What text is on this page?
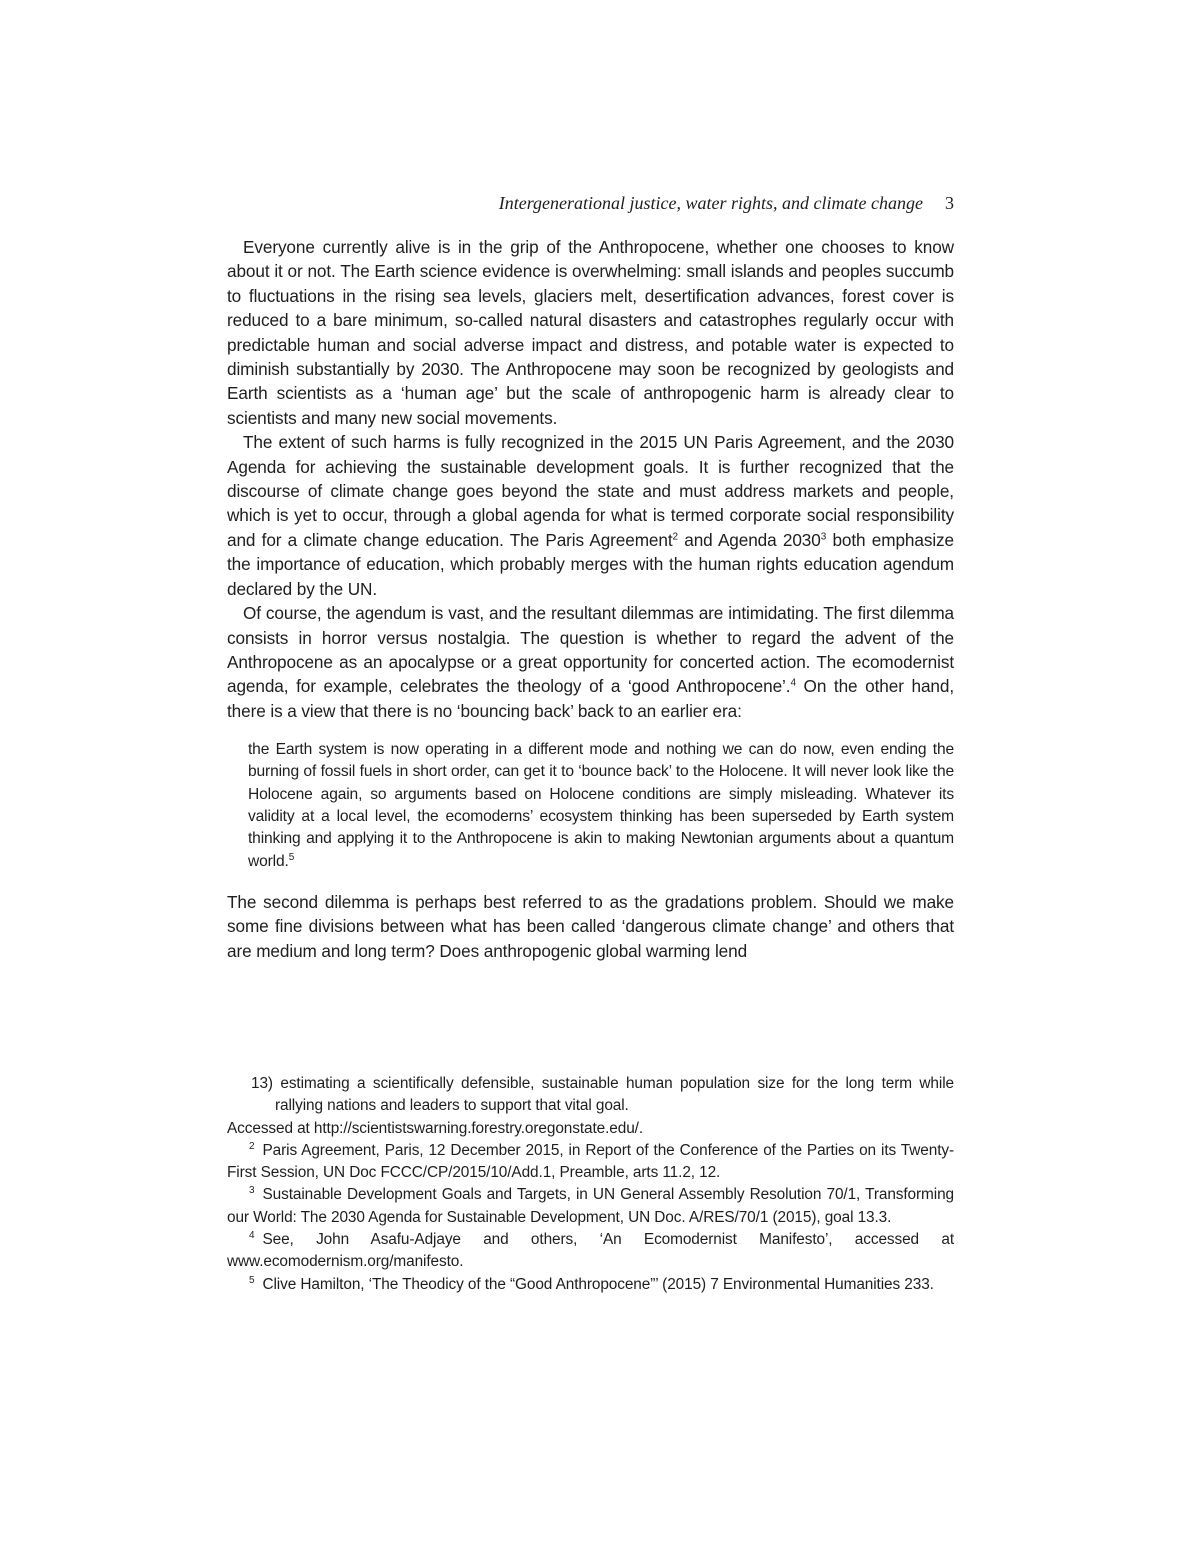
Intergenerational justice, water rights, and climate change 3

Everyone currently alive is in the grip of the Anthropocene, whether one chooses to know about it or not. The Earth science evidence is overwhelming: small islands and peoples succumb to fluctuations in the rising sea levels, glaciers melt, desertification advances, forest cover is reduced to a bare minimum, so-called natural disasters and catastrophes regularly occur with predictable human and social adverse impact and distress, and potable water is expected to diminish substantially by 2030. The Anthropocene may soon be recognized by geologists and Earth scientists as a ‘human age’ but the scale of anthropogenic harm is already clear to scientists and many new social movements.

The extent of such harms is fully recognized in the 2015 UN Paris Agreement, and the 2030 Agenda for achieving the sustainable development goals. It is further recognized that the discourse of climate change goes beyond the state and must address markets and people, which is yet to occur, through a global agenda for what is termed corporate social responsibility and for a climate change education. The Paris Agreement$^2$ and Agenda 2030$^3$ both emphasize the importance of education, which probably merges with the human rights education agendum declared by the UN.

Of course, the agendum is vast, and the resultant dilemmas are intimidating. The first dilemma consists in horror versus nostalgia. The question is whether to regard the advent of the Anthropocene as an apocalypse or a great opportunity for concerted action. The ecomodernist agenda, for example, celebrates the theology of a ‘good Anthropocene’.$^4$ On the other hand, there is a view that there is no ‘bouncing back’ back to an earlier era:

the Earth system is now operating in a different mode and nothing we can do now, even ending the burning of fossil fuels in short order, can get it to ‘bounce back’ to the Holocene. It will never look like the Holocene again, so arguments based on Holocene conditions are simply misleading. Whatever its validity at a local level, the ecomoderns’ ecosystem thinking has been superseded by Earth system thinking and applying it to the Anthropocene is akin to making Newtonian arguments about a quantum world.$^5$

The second dilemma is perhaps best referred to as the gradations problem. Should we make some fine divisions between what has been called ‘dangerous climate change’ and others that are medium and long term? Does anthropogenic global warming lend

13) estimating a scientifically defensible, sustainable human population size for the long term while rallying nations and leaders to support that vital goal.

Accessed at http://scientistswarning.forestry.oregonstate.edu/.

$^2$ Paris Agreement, Paris, 12 December 2015, in Report of the Conference of the Parties on its Twenty-First Session, UN Doc FCCC/CP/2015/10/Add.1, Preamble, arts 11.2, 12.

$^3$ Sustainable Development Goals and Targets, in UN General Assembly Resolution 70/1, Transforming our World: The 2030 Agenda for Sustainable Development, UN Doc. A/RES/70/1 (2015), goal 13.3.

$^4$ See, John Asafu-Adjaye and others, ‘An Ecomodernist Manifesto’, accessed at www.ecomodernism.org/manifesto.

$^5$ Clive Hamilton, ‘The Theodicy of the “Good Anthropocene”’ (2015) 7 Environmental Humanities 233.
